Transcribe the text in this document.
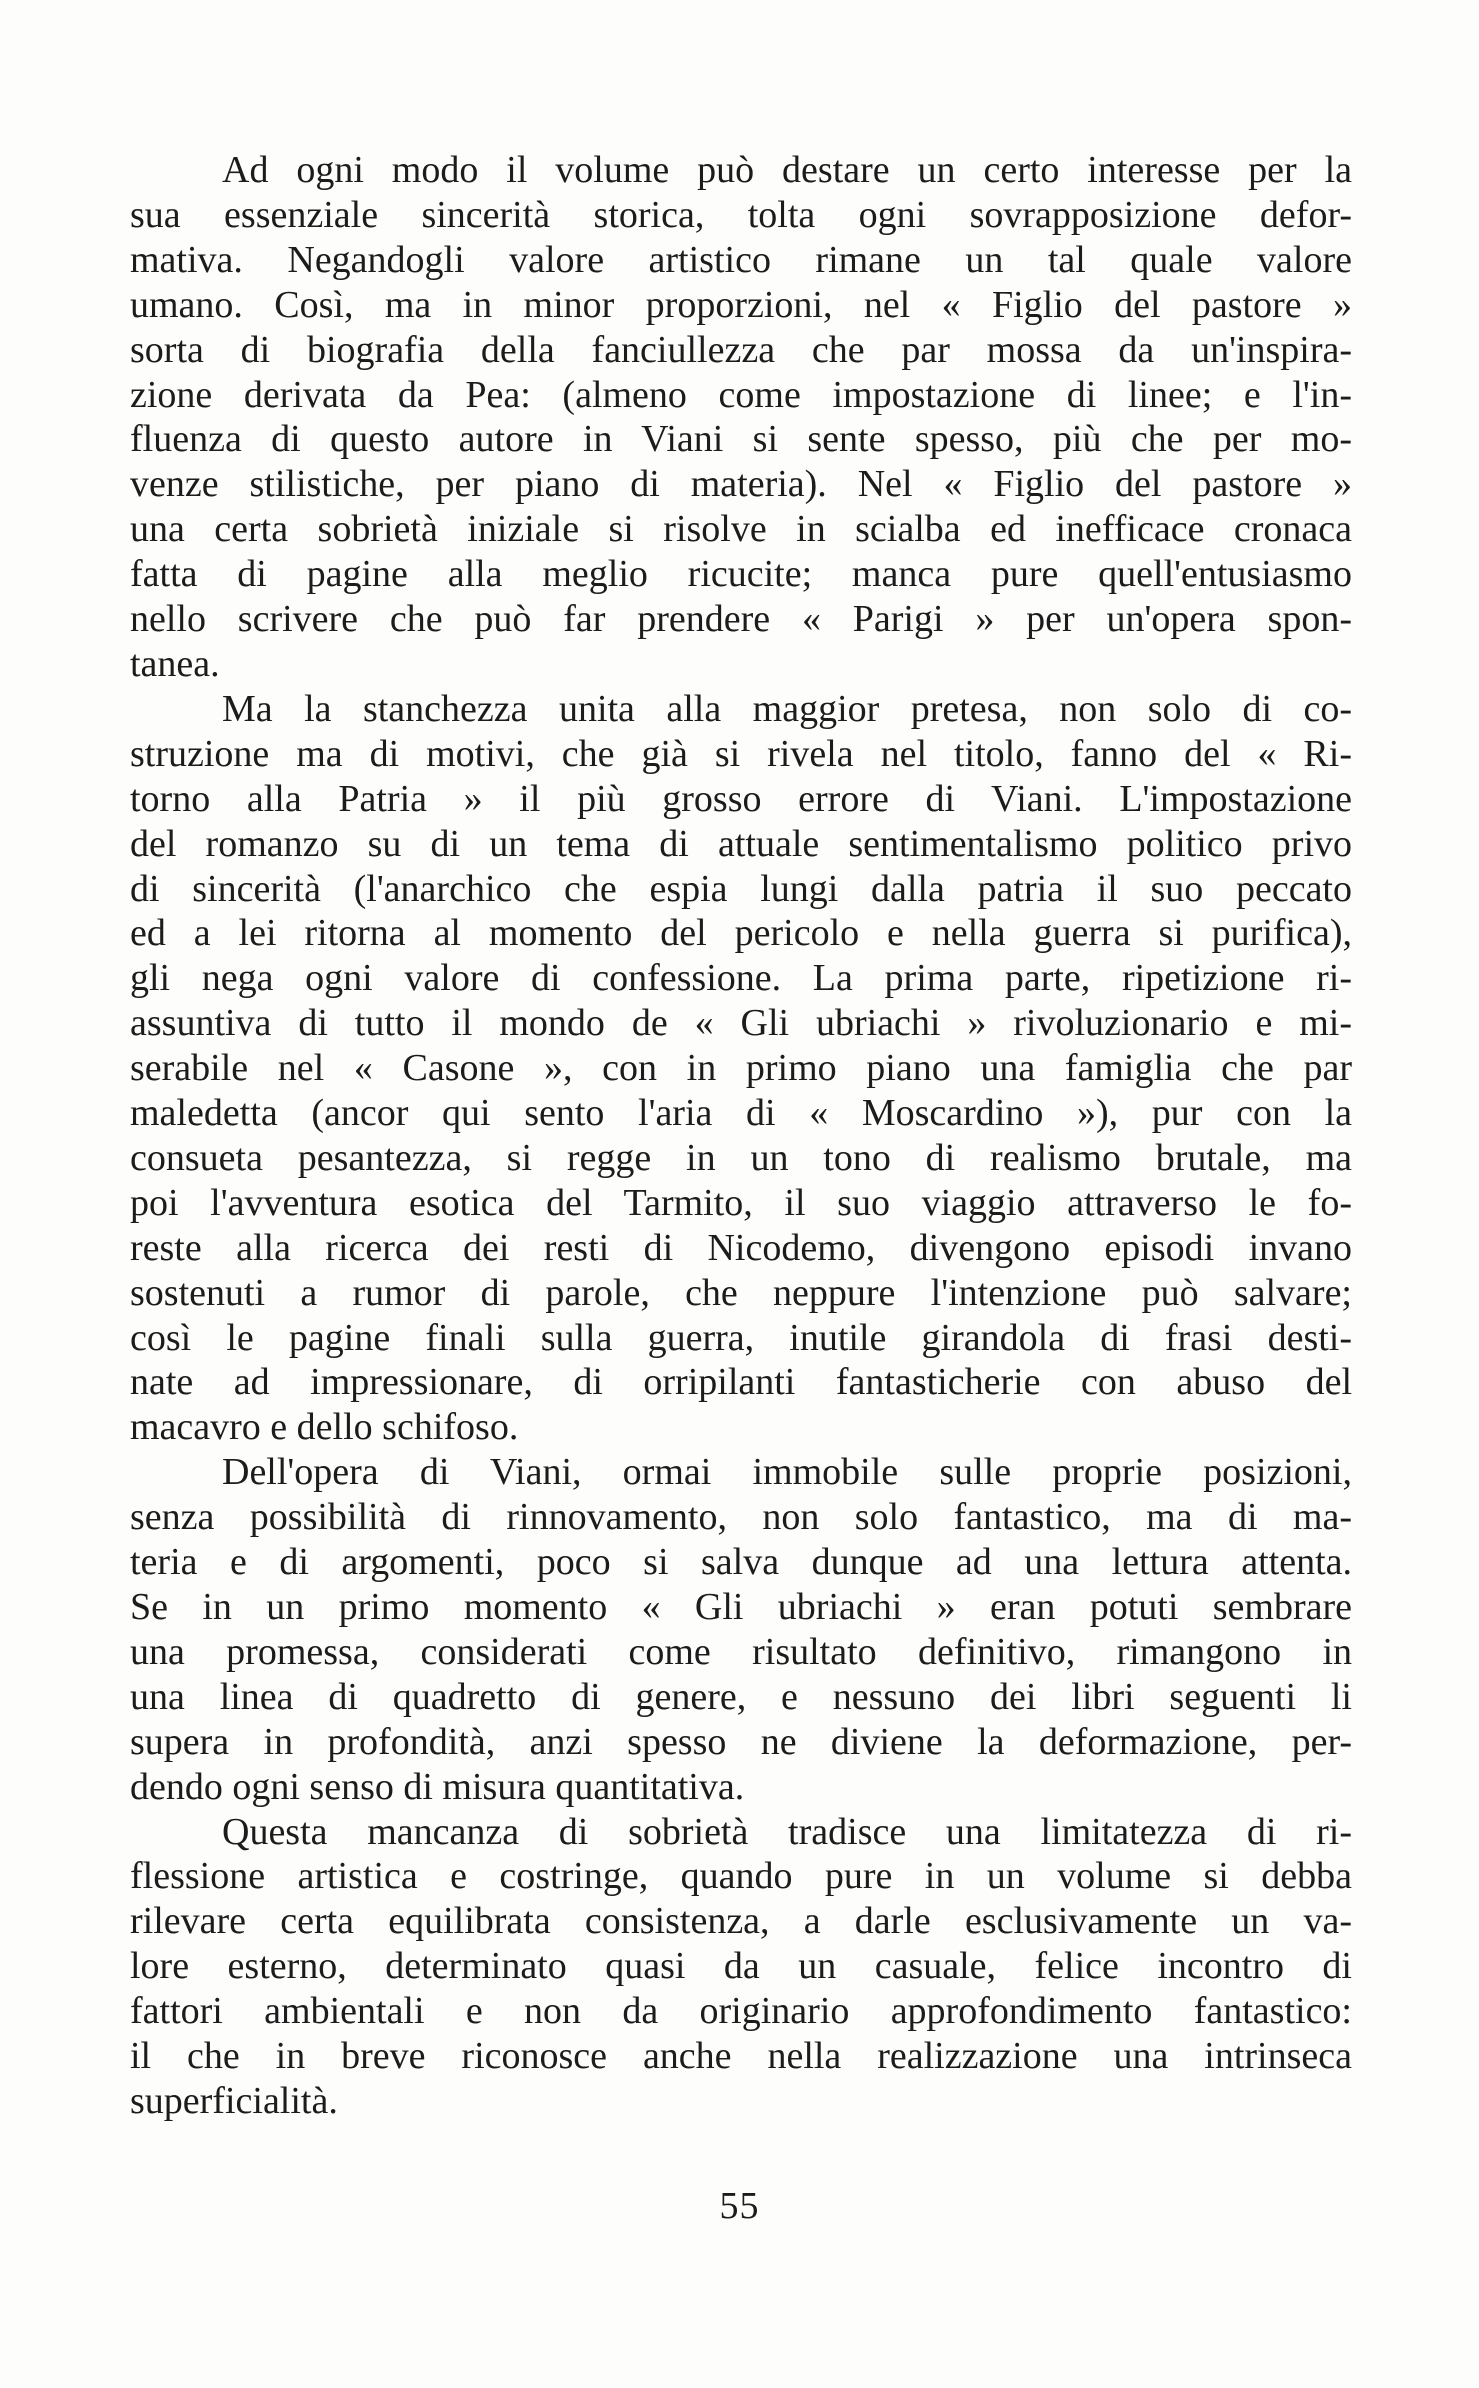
Ad ogni modo il volume può destare un certo interesse per la
sua essenziale sincerità storica, tolta ogni sovrapposizione defor-
mativa. Negandogli valore artistico rimane un tal quale valore
umano. Così, ma in minor proporzioni, nel « Figlio del pastore »
sorta di biografia della fanciullezza che par mossa da un'inspira-
zione derivata da Pea: (almeno come impostazione di linee; e l'in-
fluenza di questo autore in Viani si sente spesso, più che per mo-
venze stilistiche, per piano di materia). Nel « Figlio del pastore »
una certa sobrietà iniziale si risolve in scialba ed inefficace cronaca
fatta di pagine alla meglio ricucite; manca pure quell'entusiasmo
nello scrivere che può far prendere « Parigi » per un'opera spon-
tanea.
Ma la stanchezza unita alla maggior pretesa, non solo di co-
struzione ma di motivi, che già si rivela nel titolo, fanno del « Ri-
torno alla Patria » il più grosso errore di Viani. L'impostazione
del romanzo su di un tema di attuale sentimentalismo politico privo
di sincerità (l'anarchico che espia lungi dalla patria il suo peccato
ed a lei ritorna al momento del pericolo e nella guerra si purifica),
gli nega ogni valore di confessione. La prima parte, ripetizione ri-
assuntiva di tutto il mondo de « Gli ubriachi » rivoluzionario e mi-
serabile nel « Casone », con in primo piano una famiglia che par
maledetta (ancor qui sento l'aria di « Moscardino »), pur con la
consueta pesantezza, si regge in un tono di realismo brutale, ma
poi l'avventura esotica del Tarmito, il suo viaggio attraverso le fo-
reste alla ricerca dei resti di Nicodemo, divengono episodi invano
sostenuti a rumor di parole, che neppure l'intenzione può salvare;
così le pagine finali sulla guerra, inutile girandola di frasi desti-
nate ad impressionare, di orripilanti fantasticherie con abuso del
macavro e dello schifoso.
Dell'opera di Viani, ormai immobile sulle proprie posizioni,
senza possibilità di rinnovamento, non solo fantastico, ma di ma-
teria e di argomenti, poco si salva dunque ad una lettura attenta.
Se in un primo momento « Gli ubriachi » eran potuti sembrare
una promessa, considerati come risultato definitivo, rimangono in
una linea di quadretto di genere, e nessuno dei libri seguenti li
supera in profondità, anzi spesso ne diviene la deformazione, per-
dendo ogni senso di misura quantitativa.
Questa mancanza di sobrietà tradisce una limitatezza di ri-
flessione artistica e costringe, quando pure in un volume si debba
rilevare certa equilibrata consistenza, a darle esclusivamente un va-
lore esterno, determinato quasi da un casuale, felice incontro di
fattori ambientali e non da originario approfondimento fantastico:
il che in breve riconosce anche nella realizzazione una intrinseca
superficialità.
55
